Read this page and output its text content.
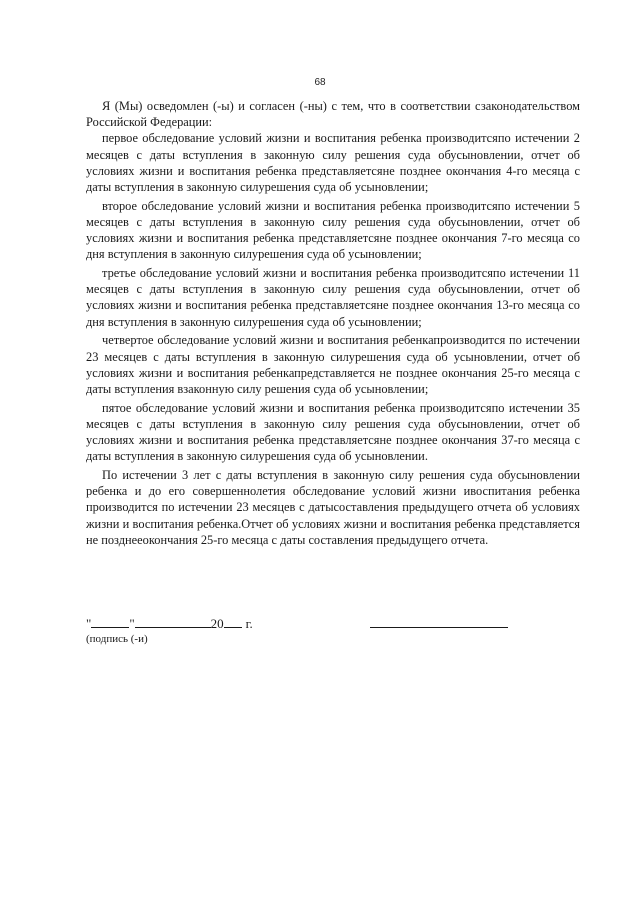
68

Я (Мы) осведомлен (-ы) и согласен (-ны) с тем, что в соответствии сзаконодательством Российской Федерации:

первое обследование условий жизни и воспитания ребенка производитсяпо истечении 2 месяцев с даты вступления в законную силу решения суда обусыновлении, отчет об условиях жизни и воспитания ребенка представляетсяне позднее окончания 4-го месяца с даты вступления в законную силурешения суда об усыновлении;

второе обследование условий жизни и воспитания ребенка производитсяпо истечении 5 месяцев с даты вступления в законную силу решения суда обусыновлении, отчет об условиях жизни и воспитания ребенка представляетсяне позднее окончания 7-го месяца со дня вступления в законную силурешения суда об усыновлении;

третье обследование условий жизни и воспитания ребенка производитсяпо истечении 11 месяцев с даты вступления в законную силу решения суда обусыновлении, отчет об условиях жизни и воспитания ребенка представляетсяне позднее окончания 13-го месяца со дня вступления в законную силурешения суда об усыновлении;

четвертое обследование условий жизни и воспитания ребенкапроизводится по истечении 23 месяцев с даты вступления в законную силурешения суда об усыновлении, отчет об условиях жизни и воспитания ребенкапредставляется не позднее окончания 25-го месяца с даты вступления взаконную силу решения суда об усыновлении;

пятое обследование условий жизни и воспитания ребенка производитсяпо истечении 35 месяцев с даты вступления в законную силу решения суда обусыновлении, отчет об условиях жизни и воспитания ребенка представляетсяне позднее окончания 37-го месяца с даты вступления в законную силурешения суда об усыновлении.

По истечении 3 лет с даты вступления в законную силу решения суда обусыновлении ребенка и до его совершеннолетия обследование условий жизни ивоспитания ребенка производится по истечении 23 месяцев с датысоставления предыдущего отчета об условиях жизни и воспитания ребенка.Отчет об условиях жизни и воспитания ребенка представляется не позднееокончания 25-го месяца с даты составления предыдущего отчета.

"	"	20 г.
(подпись (-и)
